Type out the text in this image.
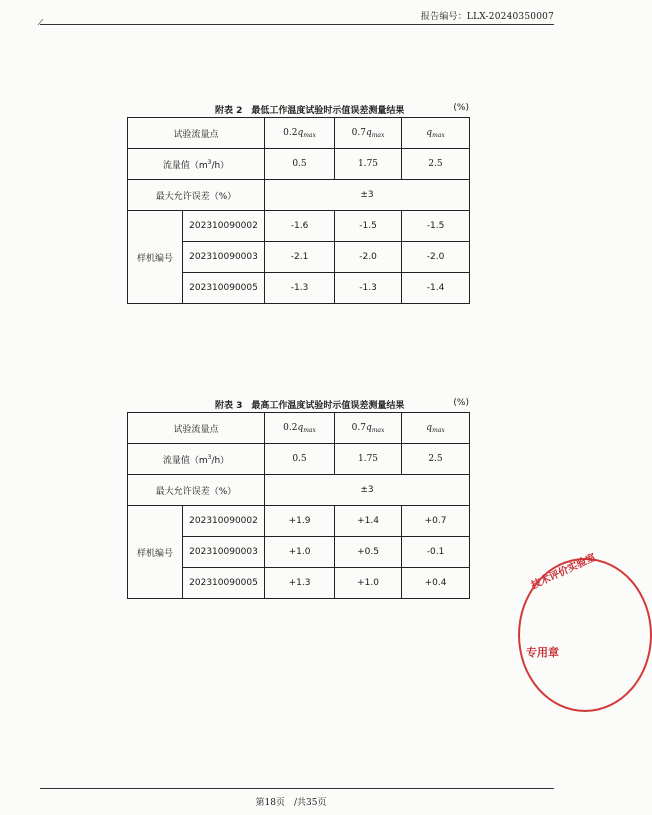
报告编号：LLX-20240350007
附表 2　最低工作温度试验时示值误差测量结果	(%)
试验流量点		$0.2q_{max}$	$0.7q_{max}$	$q_{max}$
流量值$(m^3/h)$		0.5	1.75	2.5
最大允许误差（%）		±3		
样机编号	202310090002	-1.6	-1.5	-1.5
	202310090003	-2.1	-2.0	-2.0
	202310090005	-1.3	-1.3	-1.4
附表 3　最高工作温度试验时示值误差测量结果	(%)
试验流量点		$0.2q_{max}$	$0.7q_{max}$	$q_{max}$
流量值$(m^3/h)$		0.5	1.75	2.5
最大允许误差（%）		±3		
样机编号	202310090002	+1.9	+1.4	+0.7
	202310090003	+1.0	+0.5	-0.1
	202310090005	+1.3	+1.0	+0.4	技术评价实验室
专用章
第18页　/共35页
